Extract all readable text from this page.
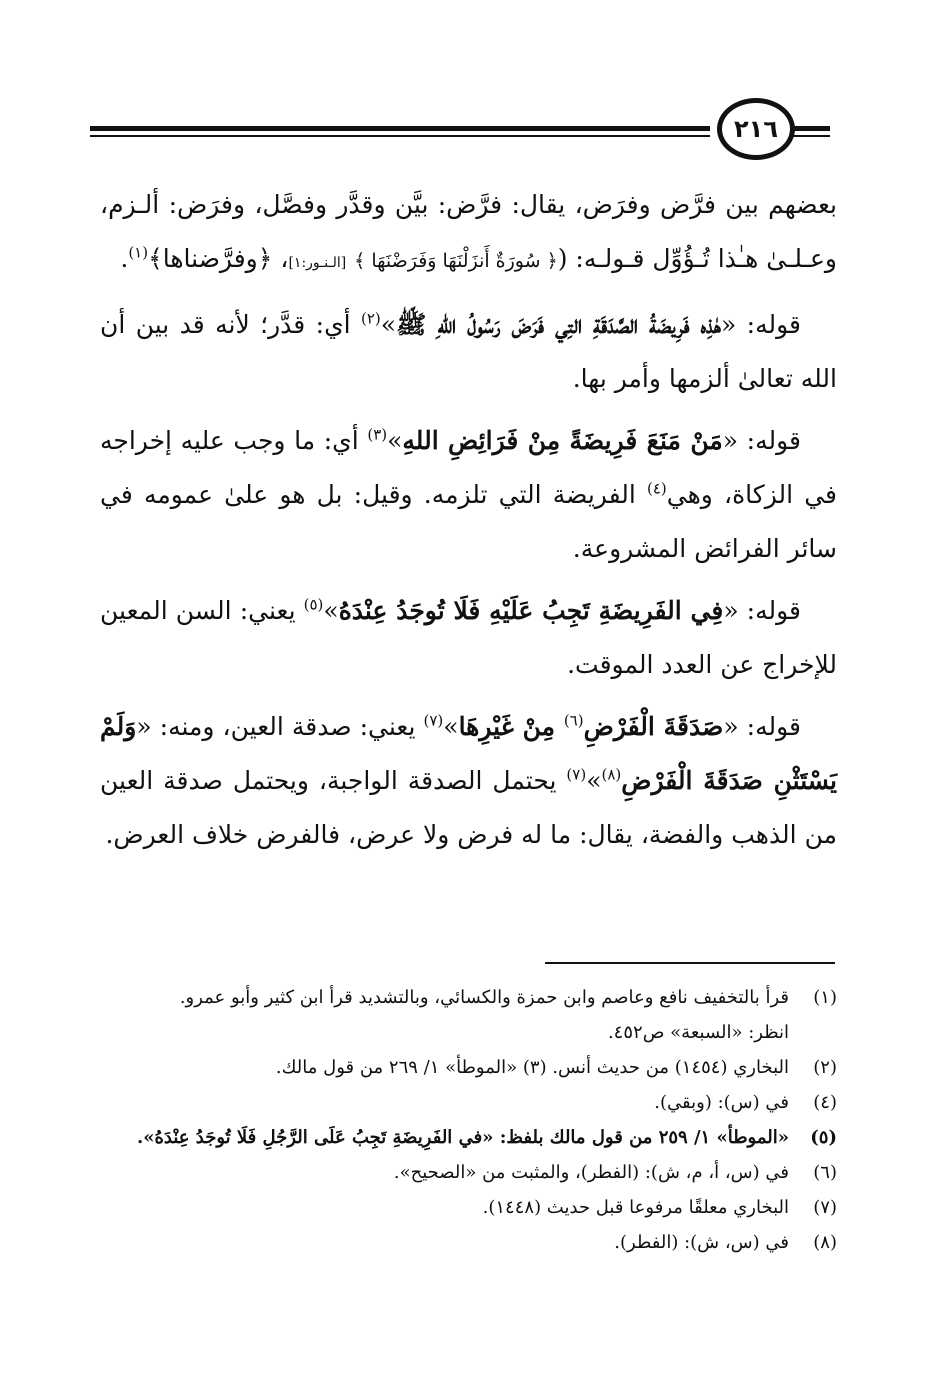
٢١٦

بعضهم بين فرَّض وفرَض، يقال: فرَّض: بيَّن وقدَّر وفصَّل، وفرَض: ألـزم، وعـلـىٰ هـٰذا تُـؤُوِّل قـولـه: (﴿ سُورَةٌ أَنزَلْنَهَا وَفَرَضْنَهَا ﴾ [الـنـور:١]، ﴿وفرَّضناها﴾$^{(١)}$.

قوله: «هٰذِه فَرِيضَةُ الصَّدَقَةِ التِي فَرَضَ رَسُولُ اللهِ ﷺ»$^{(٢)}$ أي: قدَّر؛ لأنه قد بين أن الله تعالىٰ ألزمها وأمر بها.

قوله: «مَنْ مَنَعَ فَرِيضَةً مِنْ فَرَائِضِ اللهِ»$^{(٣)}$ أي: ما وجب عليه إخراجه في الزكاة، وهي$^{(٤)}$ الفريضة التي تلزمه. وقيل: بل هو علىٰ عمومه في سائر الفرائض المشروعة.

قوله: «فِي الفَرِيضَةِ تَجِبُ عَلَيْهِ فَلَا تُوجَدُ عِنْدَهُ»$^{(٥)}$ يعني: السن المعين للإخراج عن العدد الموقت.

قوله: «صَدَقَةَ الْفَرْضِ$^{(٦)}$ مِنْ غَيْرِهَا»$^{(٧)}$ يعني: صدقة العين، ومنه: «وَلَمْ يَسْتَثْنِ صَدَقَةَ الْفَرْضِ$^{(٨)}$»$^{(٧)}$ يحتمل الصدقة الواجبة، ويحتمل صدقة العين من الذهب والفضة، يقال: ما له فرض ولا عرض، فالفرض خلاف العرض.

(١)
قرأ بالتخفيف نافع وعاصم وابن حمزة والكسائي، وبالتشديد قرأ ابن كثير وأبو عمرو.
انظر: «السبعة» ص٤٥٢.
(٢)
البخاري (١٤٥٤) من حديث أنس. (٣) «الموطأ» ١/ ٢٦٩ من قول مالك.
(٤)
في (س): (وبقي).
(٥)
«الموطأ» ١/ ٢٥٩ من قول مالك بلفظ: «في الفَرِيضَةِ تَجِبُ عَلَى الرَّجُلِ فَلَا تُوجَدُ عِنْدَهُ».
(٦)
في (س، أ، م، ش): (الفطر)، والمثبت من «الصحيح».
(٧)
البخاري معلقًا مرفوعا قبل حديث (١٤٤٨).
(٨)
في (س، ش): (الفطر).
